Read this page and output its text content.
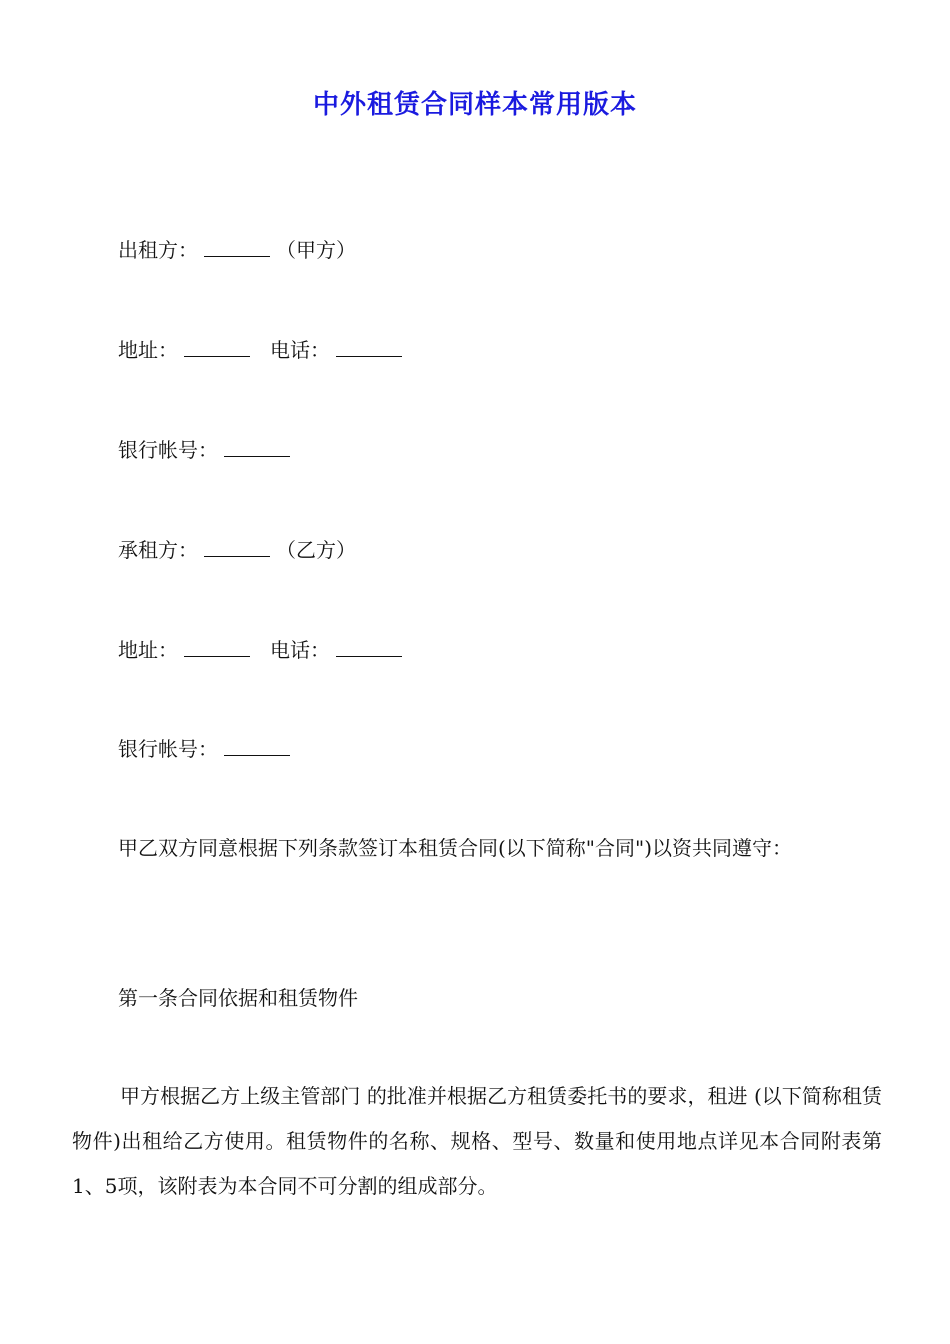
中外租赁合同样本常用版本
出租方：	（甲方）
地址：	电话：
银行帐号：
承租方：	（乙方）
地址：	电话：
银行帐号：
甲乙双方同意根据下列条款签订本租赁合同(以下简称"合同")以资共同遵守：
第一条合同依据和租赁物件
甲方根据乙方上级主管部门 的批准并根据乙方租赁委托书的要求，租进 (以下简称租赁物件)出租给乙方使用。租赁物件的名称、规格、型号、数量和使用地点详见本合同附表第1、5项，该附表为本合同不可分割的组成部分。
